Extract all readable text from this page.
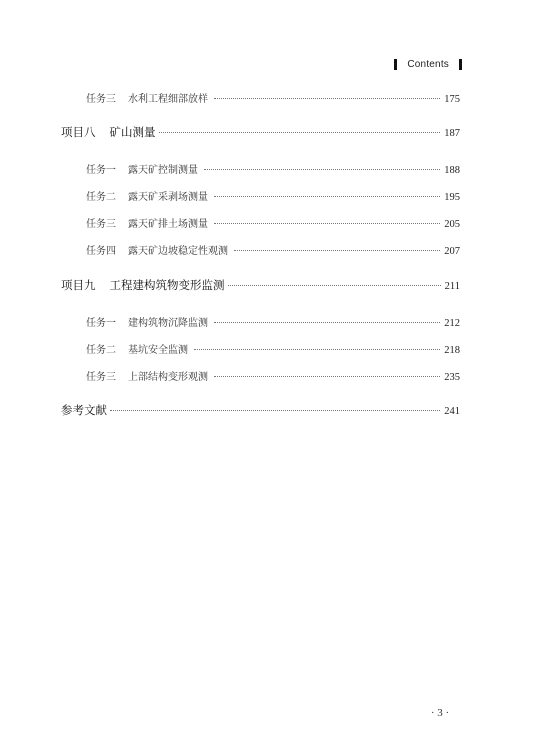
Contents
任务三 水利工程细部放样	175
项目八 矿山测量	187
任务一 露天矿控制测量	188
任务二 露天矿采剥场测量	195
任务三 露天矿排土场测量	205
任务四 露天矿边坡稳定性观测	207
项目九 工程建构筑物变形监测	211
任务一 建构筑物沉降监测	212
任务二 基坑安全监测	218
任务三 上部结构变形观测	235
参考文献	241
· 3 ·
